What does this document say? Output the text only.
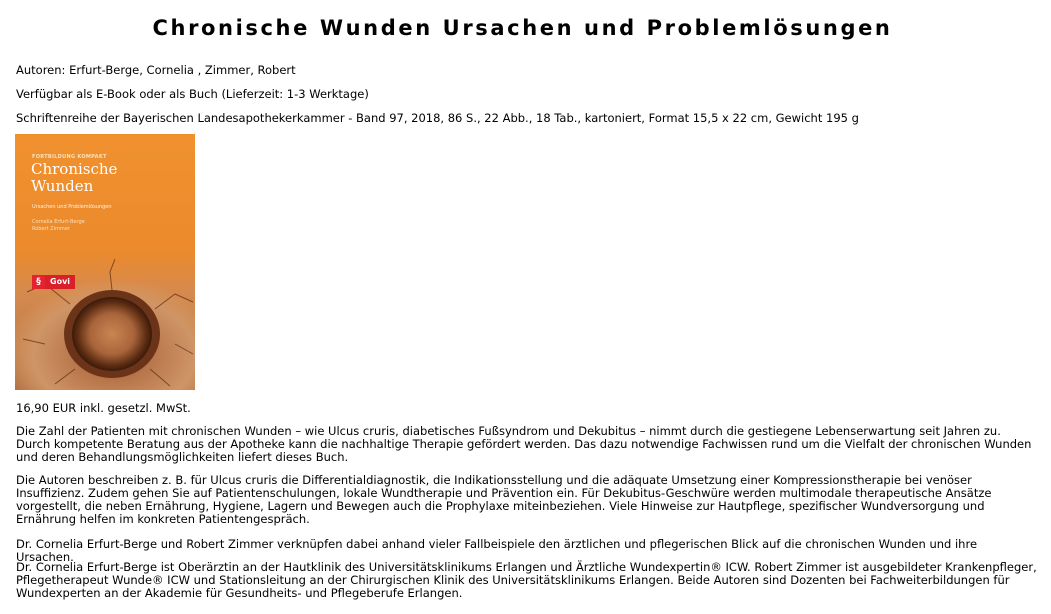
Chronische Wunden Ursachen und Problemlösungen

Autoren: Erfurt-Berge, Cornelia , Zimmer, Robert

Verfügbar als E-Book oder als Buch (Lieferzeit: 1-3 Werktage)

Schriftenreihe der Bayerischen Landesapothekerkammer - Band 97, 2018, 86 S., 22 Abb., 18 Tab., kartoniert, Format 15,5 x 22 cm, Gewicht 195 g

FORTBILDUNG KOMPAKT
Chronische
Wunden
Ursachen und Problemlösungen
Cornelia Erfurt-Berge
Robert Zimmer
§	Govi

16,90 EUR inkl. gesetzl. MwSt.

Die Zahl der Patienten mit chronischen Wunden – wie Ulcus cruris, diabetisches Fußsyndrom und Dekubitus – nimmt durch die gestiegene Lebenserwartung seit Jahren zu. Durch kompetente Beratung aus der Apotheke kann die nachhaltige Therapie gefördert werden. Das dazu notwendige Fachwissen rund um die Vielfalt der chronischen Wunden und deren Behandlungsmöglichkeiten liefert dieses Buch.

Die Autoren beschreiben z. B. für Ulcus cruris die Differentialdiagnostik, die Indikationsstellung und die adäquate Umsetzung einer Kompressionstherapie bei venöser Insuffizienz. Zudem gehen Sie auf Patientenschulungen, lokale Wundtherapie und Prävention ein. Für Dekubitus-Geschwüre werden multimodale therapeutische Ansätze vorgestellt, die neben Ernährung, Hygiene, Lagern und Bewegen auch die Prophylaxe miteinbeziehen. Viele Hinweise zur Hautpflege, spezifischer Wundversorgung und Ernährung helfen im konkreten Patientengespräch.

Dr. Cornelia Erfurt-Berge und Robert Zimmer verknüpfen dabei anhand vieler Fallbeispiele den ärztlichen und pflegerischen Blick auf die chronischen Wunden und ihre Ursachen.

Dr. Cornelia Erfurt-Berge ist Oberärztin an der Hautklinik des Universitätsklinikums Erlangen und Ärztliche Wundexpertin® ICW. Robert Zimmer ist ausgebildeter Krankenpfleger, Pflegetherapeut Wunde® ICW und Stationsleitung an der Chirurgischen Klinik des Universitätsklinikums Erlangen. Beide Autoren sind Dozenten bei Fachweiterbildungen für Wundexperten an der Akademie für Gesundheits- und Pflegeberufe Erlangen.
